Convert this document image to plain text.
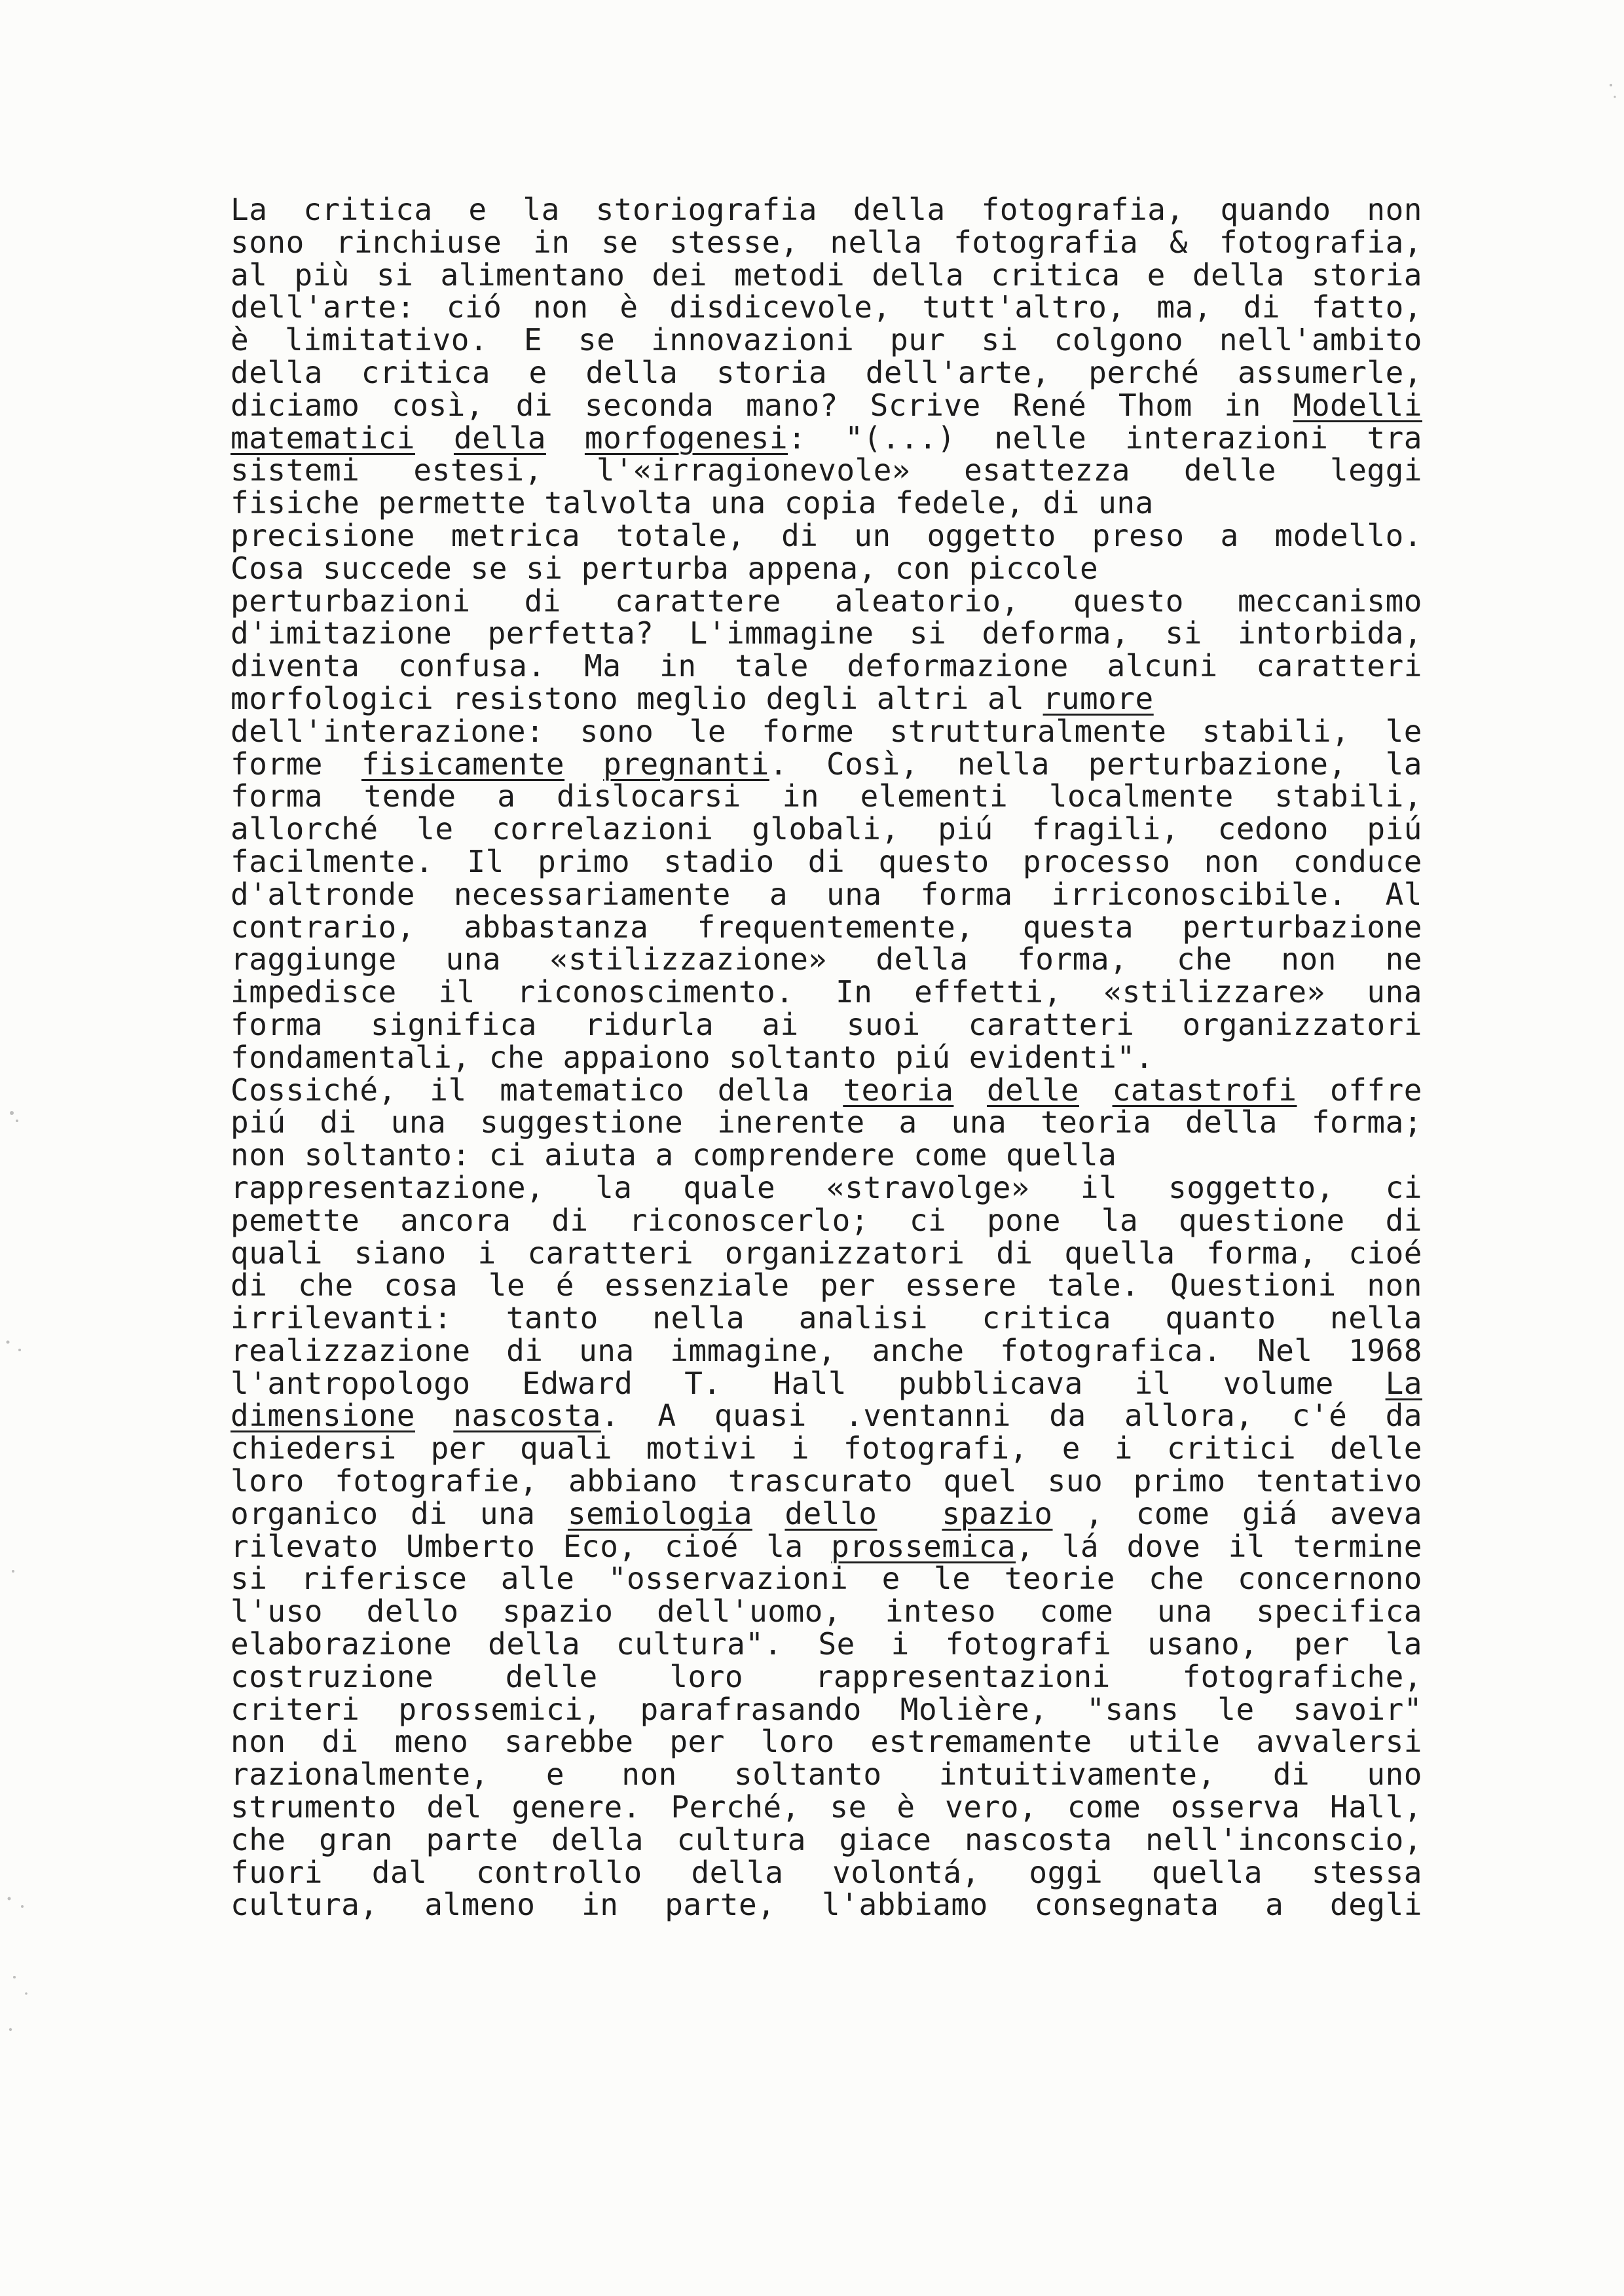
La critica e la storiografia della fotografia, quando non
sono rinchiuse in se stesse, nella fotografia & fotografia,
al più si alimentano dei metodi della critica e della storia
dell'arte: ció non è disdicevole, tutt'altro, ma, di fatto,
è limitativo. E se innovazioni pur si colgono nell'ambito
della critica e della storia dell'arte, perché assumerle,
diciamo così, di seconda mano? Scrive René Thom in Modelli
matematici della morfogenesi: "(...) nelle interazioni tra
sistemi estesi, l'«irragionevole» esattezza delle leggi
fisiche permette talvolta una copia fedele, di una
precisione metrica totale, di un oggetto preso a modello.
Cosa succede se si perturba appena, con piccole
perturbazioni di carattere aleatorio, questo meccanismo
d'imitazione perfetta? L'immagine si deforma, si intorbida,
diventa confusa. Ma in tale deformazione alcuni caratteri
morfologici resistono meglio degli altri al rumore
dell'interazione: sono le forme strutturalmente stabili, le
forme fisicamente pregnanti. Così, nella perturbazione, la
forma tende a dislocarsi in elementi localmente stabili,
allorché le correlazioni globali, piú fragili, cedono piú
facilmente. Il primo stadio di questo processo non conduce
d'altronde necessariamente a una forma irriconoscibile. Al
contrario, abbastanza frequentemente, questa perturbazione
raggiunge una «stilizzazione» della forma, che non ne
impedisce il riconoscimento. In effetti, «stilizzare» una
forma significa ridurla ai suoi caratteri organizzatori
fondamentali, che appaiono soltanto piú evidenti".
Cossiché, il matematico della teoria delle catastrofi offre
piú di una suggestione inerente a una teoria della forma;
non soltanto: ci aiuta a comprendere come quella
rappresentazione, la quale «stravolge» il soggetto, ci
pemette ancora di riconoscerlo; ci pone la questione di
quali siano i caratteri organizzatori di quella forma, cioé
di che cosa le é essenziale per essere tale. Questioni non
irrilevanti: tanto nella analisi critica quanto nella
realizzazione di una immagine, anche fotografica. Nel 1968
l'antropologo Edward T. Hall pubblicava il volume La
dimensione nascosta. A quasi .ventanni da allora, c'é da
chiedersi per quali motivi i fotografi, e i critici delle
loro fotografie, abbiano trascurato quel suo primo tentativo
organico di una semiologia dello spazio , come giá aveva
rilevato Umberto Eco, cioé la prossemica, lá dove il termine
si riferisce alle "osservazioni e le teorie che concernono
l'uso dello spazio dell'uomo, inteso come una specifica
elaborazione della cultura". Se i fotografi usano, per la
costruzione delle loro rappresentazioni fotografiche,
criteri prossemici, parafrasando Molière, "sans le savoir"
non di meno sarebbe per loro estremamente utile avvalersi
razionalmente, e non soltanto intuitivamente, di uno
strumento del genere. Perché, se è vero, come osserva Hall,
che gran parte della cultura giace nascosta nell'inconscio,
fuori dal controllo della volontá, oggi quella stessa
cultura, almeno in parte, l'abbiamo consegnata a degli
